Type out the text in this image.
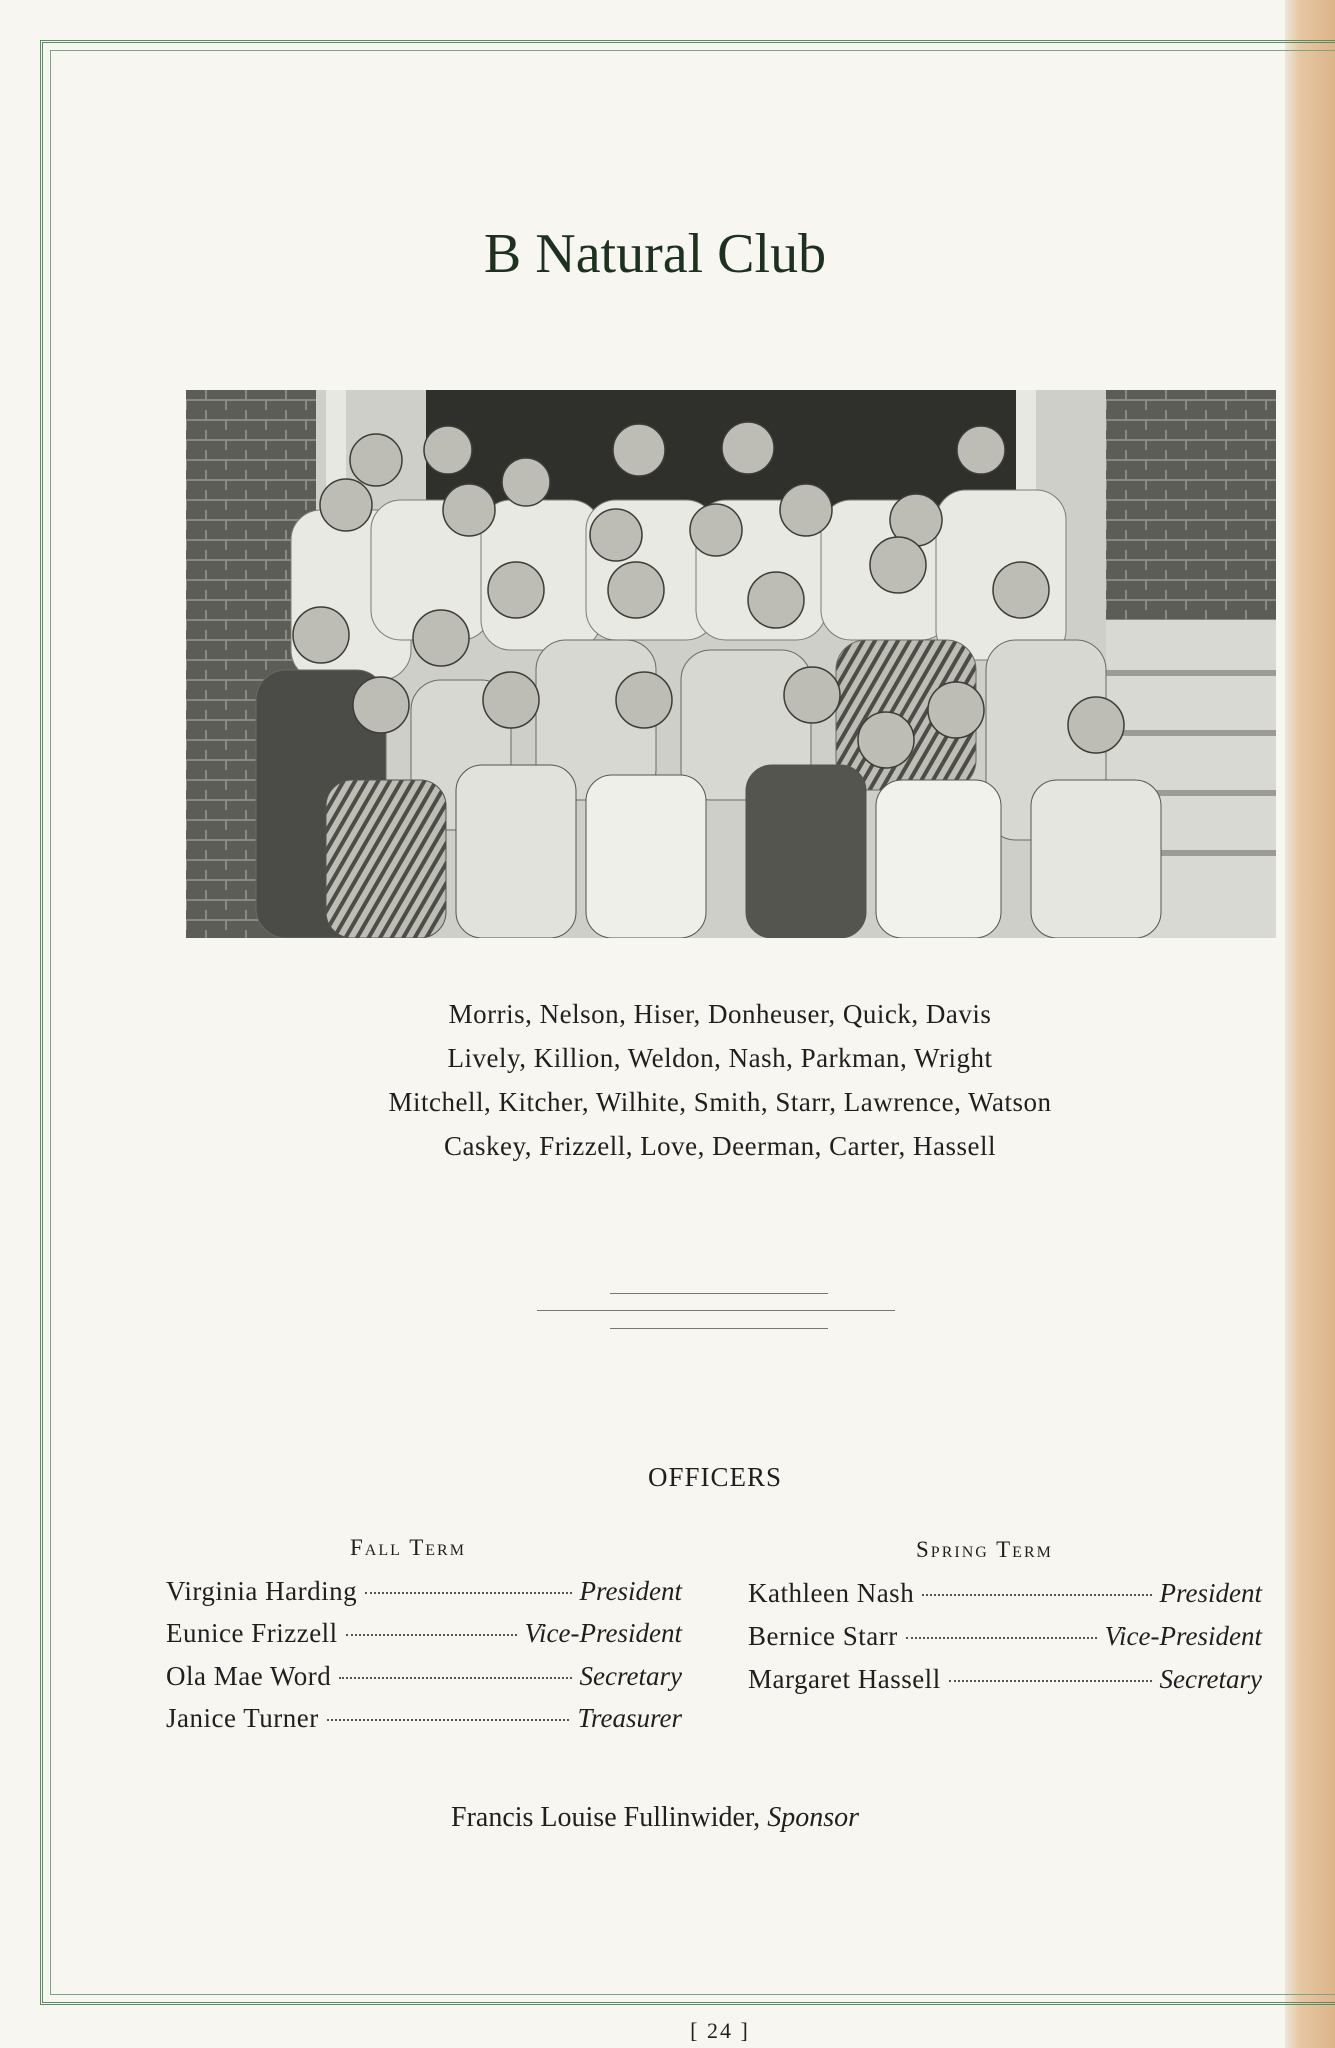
B Natural Club
Morris, Nelson, Hiser, Donheuser, Quick, Davis
Lively, Killion, Weldon, Nash, Parkman, Wright
Mitchell, Kitcher, Wilhite, Smith, Starr, Lawrence, Watson
Caskey, Frizzell, Love, Deerman, Carter, Hassell
OFFICERS
Fall Term	Spring Term
Virginia Harding	President
Eunice Frizzell	Vice-President
Ola Mae Word	Secretary
Janice Turner	Treasurer
Kathleen Nash	President
Bernice Starr	Vice-President
Margaret Hassell	Secretary
Francis Louise Fullinwider, Sponsor
[ 24 ]
